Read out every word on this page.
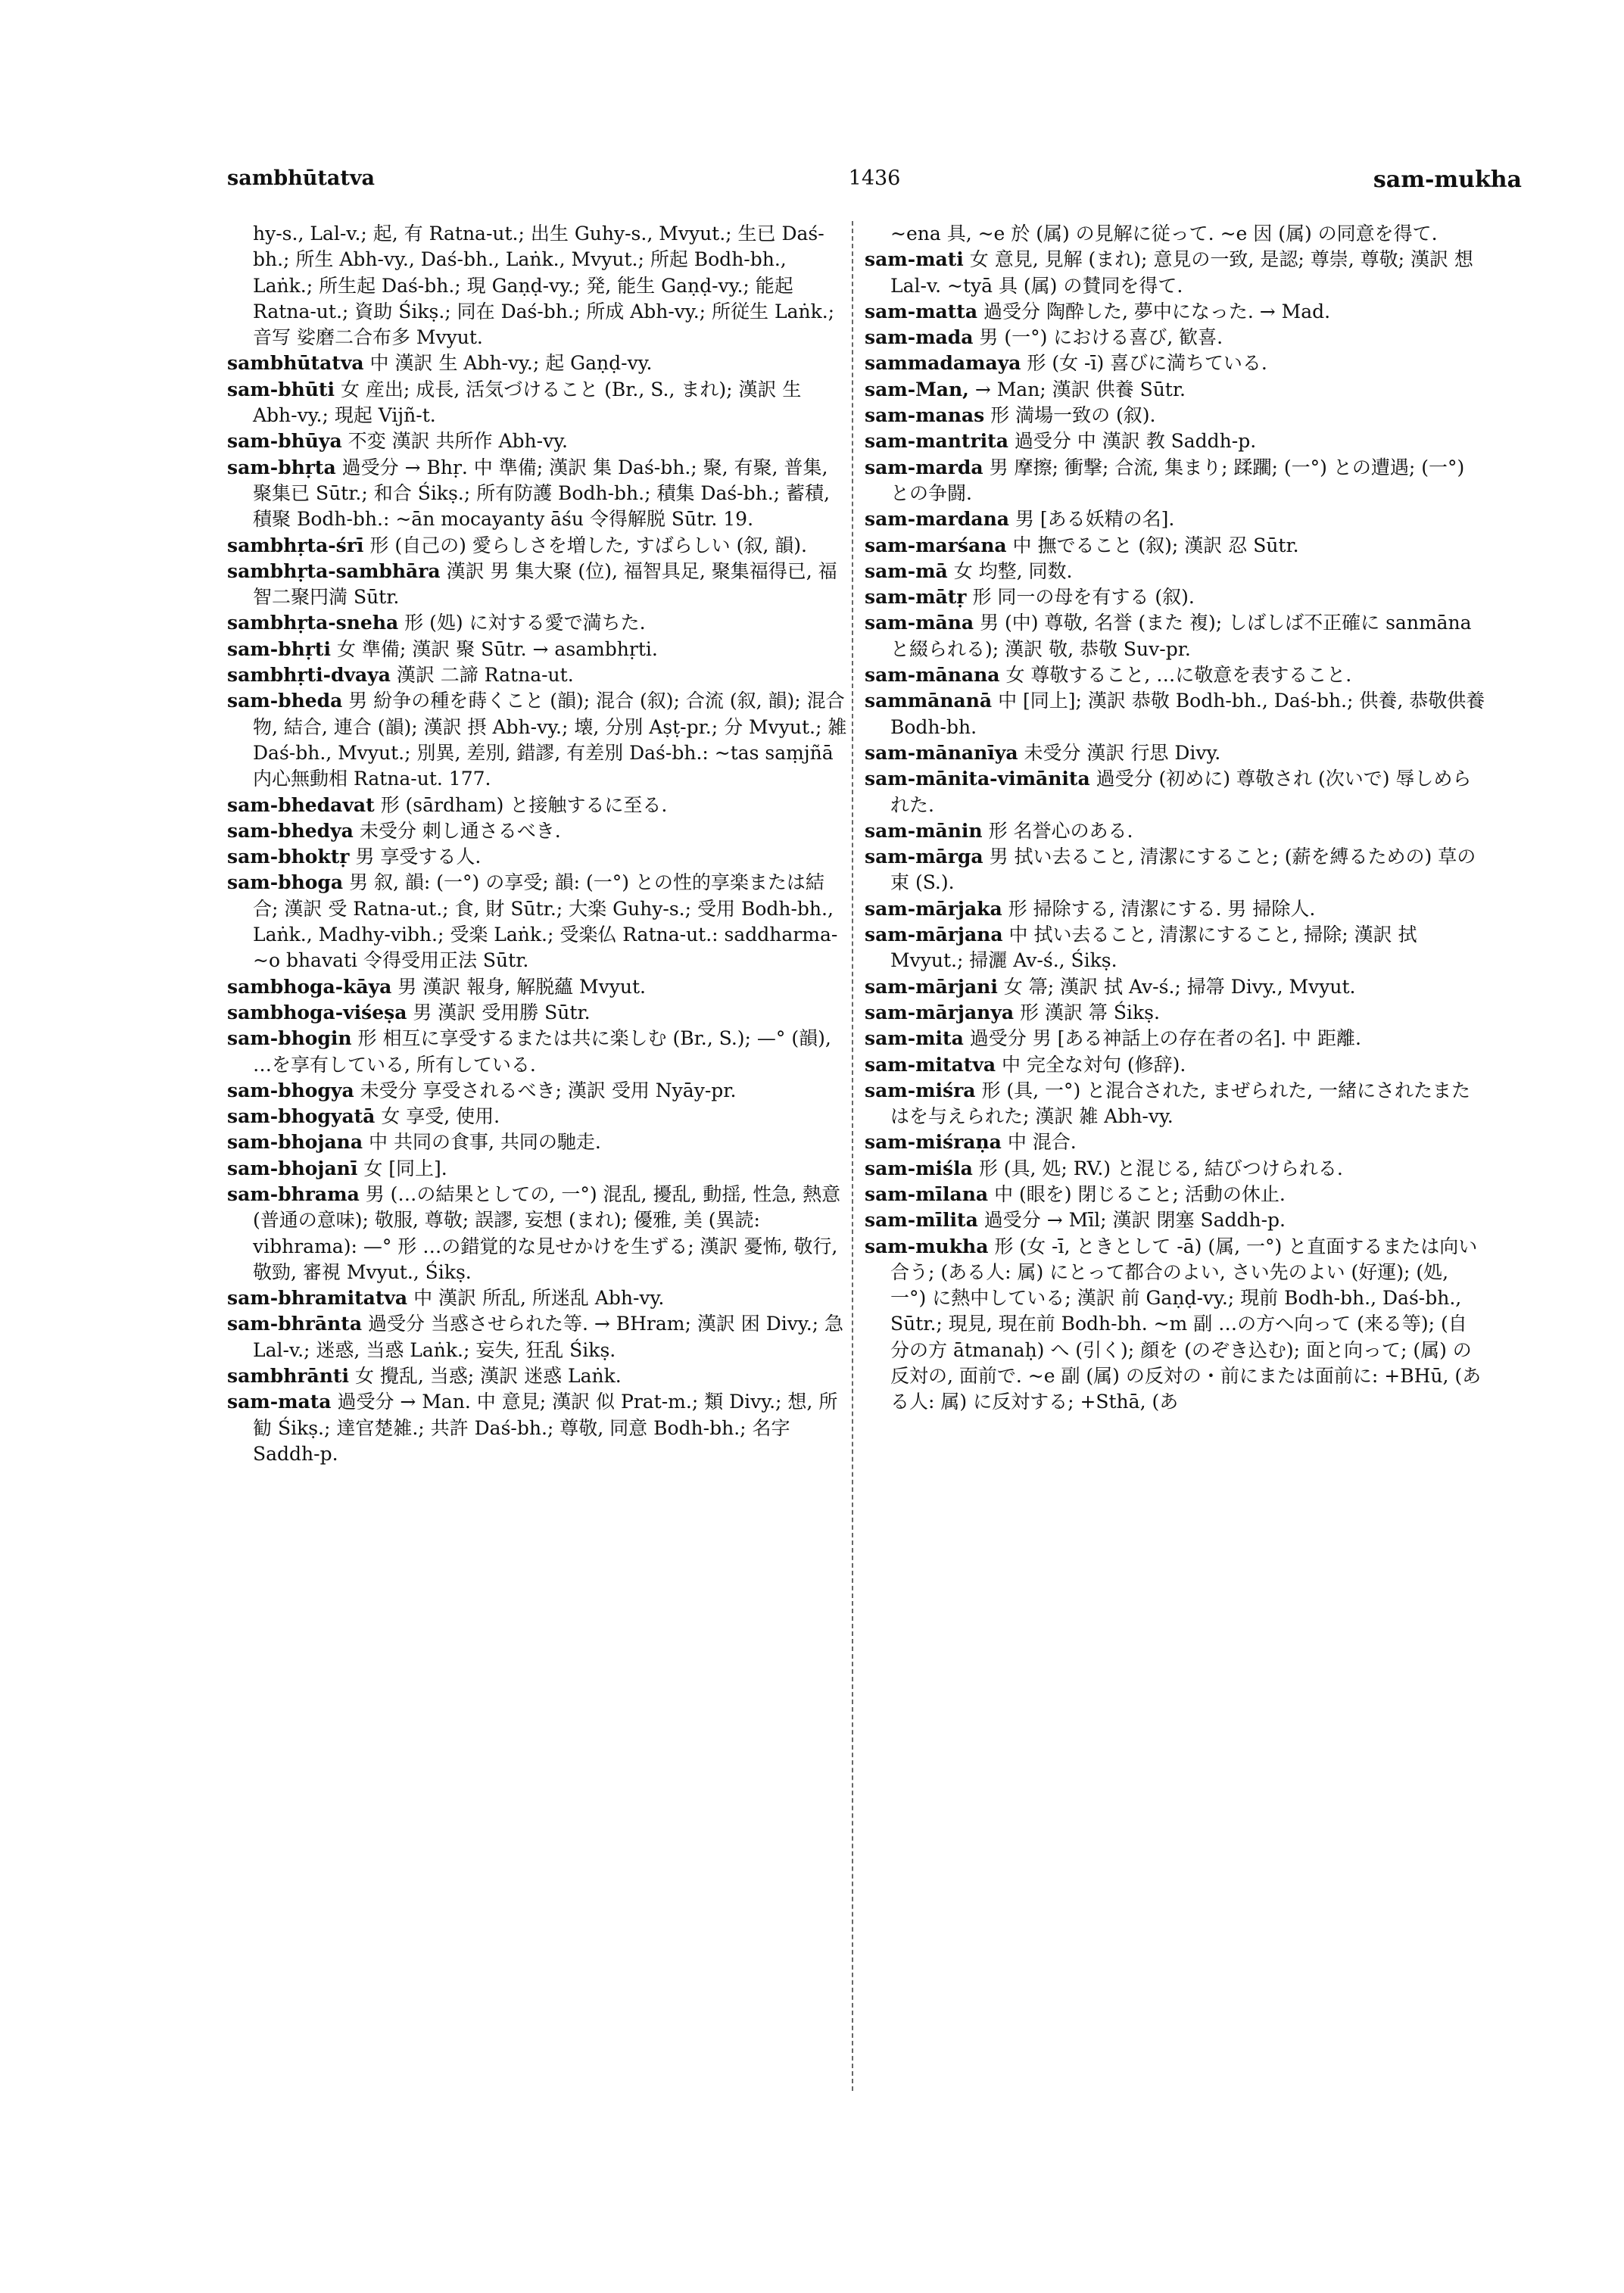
sambhūtatva	1436	sam-mukha
hy-s., Lal-v.; 起, 有 Ratna-ut.; 出生 Guhy-s., Mvyut.; 生已 Daś-bh.; 所生 Abh-vy., Daś-bh., Laṅk., Mvyut.; 所起 Bodh-bh., Laṅk.; 所生起 Daś-bh.; 現 Gaṇḍ-vy.; 発, 能生 Gaṇḍ-vy.; 能起 Ratna-ut.; 資助 Śikṣ.; 同在 Daś-bh.; 所成 Abh-vy.; 所従生 Laṅk.; 音写 娑磨二合布多 Mvyut.
sambhūtatva 中 漢訳 生 Abh-vy.; 起 Gaṇḍ-vy.
sam-bhūti 女 産出; 成長, 活気づけること (Br., S., まれ); 漢訳 生 Abh-vy.; 現起 Vijñ-t.
sam-bhūya 不変 漢訳 共所作 Abh-vy.
sam-bhṛta 過受分 → Bhṛ. 中 準備; 漢訳 集 Daś-bh.; 聚, 有聚, 普集, 聚集已 Sūtr.; 和合 Śikṣ.; 所有防護 Bodh-bh.; 積集 Daś-bh.; 蓄積, 積聚 Bodh-bh.: ~ān mocayanty āśu 令得解脱 Sūtr. 19.
sambhṛta-śrī 形 (自己の) 愛らしさを増した, すばらしい (叙, 韻).
sambhṛta-sambhāra 漢訳 男 集大聚 (位), 福智具足, 聚集福得已, 福智二聚円満 Sūtr.
sambhṛta-sneha 形 (処) に対する愛で満ちた.
sam-bhṛti 女 準備; 漢訳 聚 Sūtr. → asambhṛti.
sambhṛti-dvaya 漢訳 二諦 Ratna-ut.
sam-bheda 男 紛争の種を蒔くこと (韻); 混合 (叙); 合流 (叙, 韻); 混合物, 結合, 連合 (韻); 漢訳 摂 Abh-vy.; 壊, 分別 Aṣṭ-pr.; 分 Mvyut.; 雑 Daś-bh., Mvyut.; 別異, 差別, 錯謬, 有差別 Daś-bh.: ~tas saṃjñā 内心無動相 Ratna-ut. 177.
sam-bhedavat 形 (sārdham) と接触するに至る.
sam-bhedya 未受分 刺し通さるべき.
sam-bhoktṛ 男 享受する人.
sam-bhoga 男 叙, 韻: (一°) の享受; 韻: (一°) との性的享楽または結合; 漢訳 受 Ratna-ut.; 食, 財 Sūtr.; 大楽 Guhy-s.; 受用 Bodh-bh., Laṅk., Madhy-vibh.; 受楽 Laṅk.; 受楽仏 Ratna-ut.: saddharma-~o bhavati 令得受用正法 Sūtr.
sambhoga-kāya 男 漢訳 報身, 解脱蘊 Mvyut.
sambhoga-viśeṣa 男 漢訳 受用勝 Sūtr.
sam-bhogin 形 相互に享受するまたは共に楽しむ (Br., S.); —° (韻), …を享有している, 所有している.
sam-bhogya 未受分 享受されるべき; 漢訳 受用 Nyāy-pr.
sam-bhogyatā 女 享受, 使用.
sam-bhojana 中 共同の食事, 共同の馳走.
sam-bhojanī 女 [同上].
sam-bhrama 男 (…の結果としての, 一°) 混乱, 擾乱, 動揺, 性急, 熱意 (普通の意味); 敬服, 尊敬; 誤謬, 妄想 (まれ); 優雅, 美 (異読: vibhrama): —° 形 …の錯覚的な見せかけを生ずる; 漢訳 憂怖, 敬行, 敬勁, 審視 Mvyut., Śikṣ.
sam-bhramitatva 中 漢訳 所乱, 所迷乱 Abh-vy.
sam-bhrānta 過受分 当惑させられた等. → BHram; 漢訳 困 Divy.; 急 Lal-v.; 迷惑, 当惑 Laṅk.; 妄失, 狂乱 Śikṣ.
sambhrānti 女 攪乱, 当惑; 漢訳 迷惑 Laṅk.
sam-mata 過受分 → Man. 中 意見; 漢訳 似 Prat-m.; 類 Divy.; 想, 所勧 Śikṣ.; 達官楚雑.; 共許 Daś-bh.; 尊敬, 同意 Bodh-bh.; 名字 Saddh-p.
~ena 具, ~e 於 (属) の見解に従って. ~e 因 (属) の同意を得て.
sam-mati 女 意見, 見解 (まれ); 意見の一致, 是認; 尊崇, 尊敬; 漢訳 想 Lal-v. ~tyā 具 (属) の賛同を得て.
sam-matta 過受分 陶酔した, 夢中になった. → Mad.
sam-mada 男 (一°) における喜び, 歓喜.
sammadamaya 形 (女 -ī) 喜びに満ちている.
sam-Man, → Man; 漢訳 供養 Sūtr.
sam-manas 形 満場一致の (叙).
sam-mantrita 過受分 中 漢訳 教 Saddh-p.
sam-marda 男 摩擦; 衝撃; 合流, 集まり; 蹂躙; (一°) との遭遇; (一°) との争闘.
sam-mardana 男 [ある妖精の名].
sam-marśana 中 撫でること (叙); 漢訳 忍 Sūtr.
sam-mā 女 均整, 同数.
sam-mātṛ 形 同一の母を有する (叙).
sam-māna 男 (中) 尊敬, 名誉 (また 複); しばしば不正確に sanmāna と綴られる); 漢訳 敬, 恭敬 Suv-pr.
sam-mānana 女 尊敬すること, …に敬意を表すること.
sammānanā 中 [同上]; 漢訳 恭敬 Bodh-bh., Daś-bh.; 供養, 恭敬供養 Bodh-bh.
sam-mānanīya 未受分 漢訳 行思 Divy.
sam-mānita-vimānita 過受分 (初めに) 尊敬され (次いで) 辱しめられた.
sam-mānin 形 名誉心のある.
sam-mārga 男 拭い去ること, 清潔にすること; (薪を縛るための) 草の束 (S.).
sam-mārjaka 形 掃除する, 清潔にする. 男 掃除人.
sam-mārjana 中 拭い去ること, 清潔にすること, 掃除; 漢訳 拭 Mvyut.; 掃灑 Av-ś., Śikṣ.
sam-mārjani 女 箒; 漢訳 拭 Av-ś.; 掃箒 Divy., Mvyut.
sam-mārjanya 形 漢訳 箒 Śikṣ.
sam-mita 過受分 男 [ある神話上の存在者の名]. 中 距離.
sam-mitatva 中 完全な対句 (修辞).
sam-miśra 形 (具, 一°) と混合された, まぜられた, 一緒にされたまたはを与えられた; 漢訳 雑 Abh-vy.
sam-miśraṇa 中 混合.
sam-miśla 形 (具, 処; RV.) と混じる, 結びつけられる.
sam-mīlana 中 (眼を) 閉じること; 活動の休止.
sam-mīlita 過受分 → Mīl; 漢訳 閉塞 Saddh-p.
sam-mukha 形 (女 -ī, ときとして -ā) (属, 一°) と直面するまたは向い合う; (ある人: 属) にとって都合のよい, さい先のよい (好運); (処, 一°) に熱中している; 漢訳 前 Gaṇḍ-vy.; 現前 Bodh-bh., Daś-bh., Sūtr.; 現見, 現在前 Bodh-bh. ~m 副 …の方へ向って (来る等); (自分の方 ātmanaḥ) へ (引く); 顔を (のぞき込む); 面と向って; (属) の反対の, 面前で. ~e 副 (属) の反対の・前にまたは面前に: +BHū, (ある人: 属) に反対する; +Sthā, (あ
